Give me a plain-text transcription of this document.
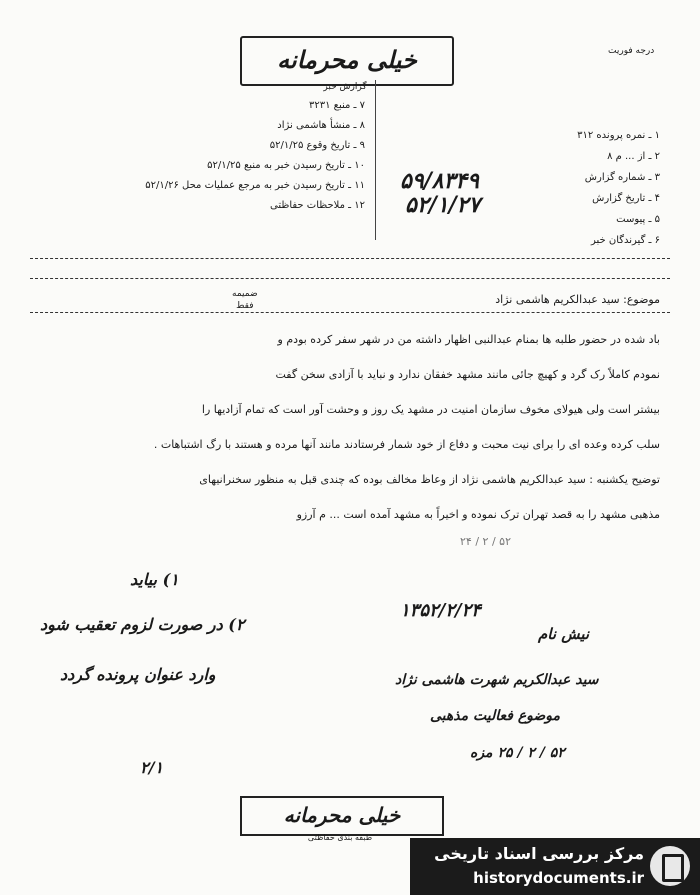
درجه فوریت
خیلی محرمانه
گزارش خبر
۱ ـ نمره پرونده ۳۱۲
۲ ـ از ... م ۸
۳ ـ شماره گزارش
۴ ـ تاریخ گزارش
۵ ـ پیوست
۶ ـ گیرندگان خبر
۵۹/۸۳۴۹
۵۲/۱/۲۷
۷ ـ منبع ۳۲۳۱
۸ ـ منشأ هاشمی نژاد
۹ ـ تاریخ وقوع ۵۲/۱/۲۵
۱۰ ـ تاریخ رسیدن خبر به منبع ۵۲/۱/۲۵
۱۱ ـ تاریخ رسیدن خبر به مرجع عملیات محل ۵۲/۱/۲۶
۱۲ ـ ملاحظات حفاظتی
ضمیمه
فقط	موضوع: سید عبدالکریم هاشمی نژاد
باد شده در حضور طلبه ها بمنام عبدالنبی اظهار داشته من در شهر سفر کرده بودم و
نمودم کاملاً رک گرد و کهیچ جائی مانند مشهد خفقان ندارد و نباید با آزادی سخن گفت
بیشتر است ولی هیولای مخوف سازمان امنیت در مشهد یک روز و وحشت آور است که تمام آزادیها را
سلب کرده وعده ای را برای نیت محبت و دفاع از خود شمار فرستادند مانند آنها مرده و هستند با رگ اشتباهات .
توضیح یکشنبه : سید عبدالکریم هاشمی نژاد از وعاظ مخالف بوده که چندی قبل به منظور سخنرانیهای
مذهبی مشهد را به قصد تهران ترک نموده و اخیراً به مشهد آمده است ... م آرزو
۵۲ / ۲ / ۲۴
۱۳۵۲/۲/۲۴
۱) بیاید
۲) در صورت لزوم تعقیب شود
وارد عنوان پرونده گردد
۲/۱
نیش نام
سید عبدالکریم شهرت هاشمی نژاد
موضوع فعالیت مذهبی
۵۲ / ۲ / ۲۵ مزه
خیلی محرمانه
طبقه بندی حفاظتی
مرکز بررسی اسناد تاریخی
historydocuments.ir
